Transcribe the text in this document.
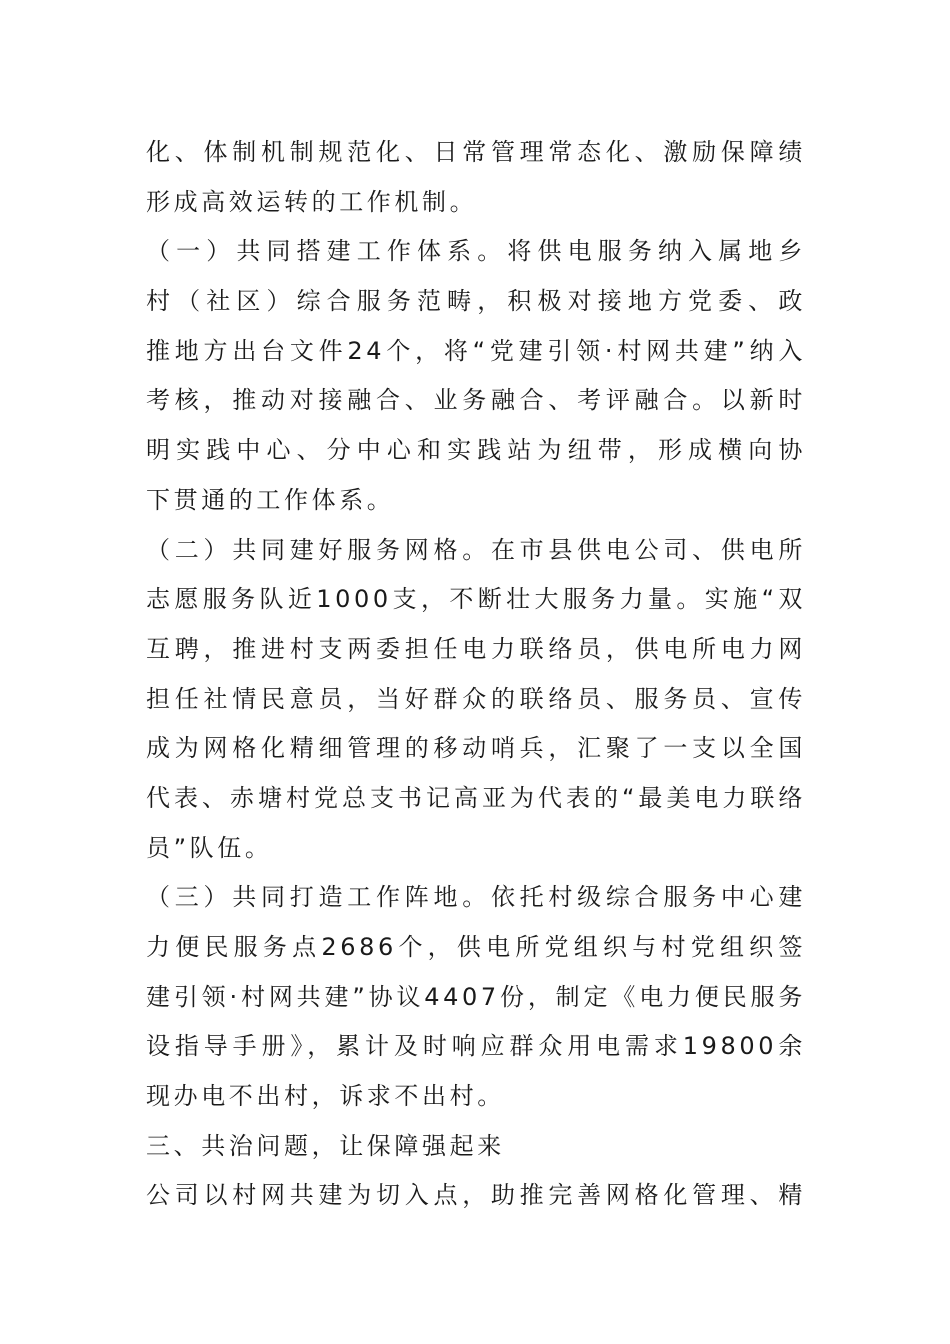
化、体制机制规范化、日常管理常态化、激励保障绩
形成高效运转的工作机制。
（一）共同搭建工作体系。将供电服务纳入属地乡
村（社区）综合服务范畴，积极对接地方党委、政
推地方出台文件24个，将“党建引领·村网共建”纳入
考核，推动对接融合、业务融合、考评融合。以新时
明实践中心、分中心和实践站为纽带，形成横向协
下贯通的工作体系。
（二）共同建好服务网格。在市县供电公司、供电所
志愿服务队近1000支，不断壮大服务力量。实施“双
互聘，推进村支两委担任电力联络员，供电所电力网
担任社情民意员，当好群众的联络员、服务员、宣传
成为网格化精细管理的移动哨兵，汇聚了一支以全国
代表、赤塘村党总支书记高亚为代表的“最美电力联络
员”队伍。
（三）共同打造工作阵地。依托村级综合服务中心建
力便民服务点2686个，供电所党组织与村党组织签
建引领·村网共建”协议4407份，制定《电力便民服务
设指导手册》，累计及时响应群众用电需求19800余
现办电不出村，诉求不出村。
三、共治问题，让保障强起来
公司以村网共建为切入点，助推完善网格化管理、精
